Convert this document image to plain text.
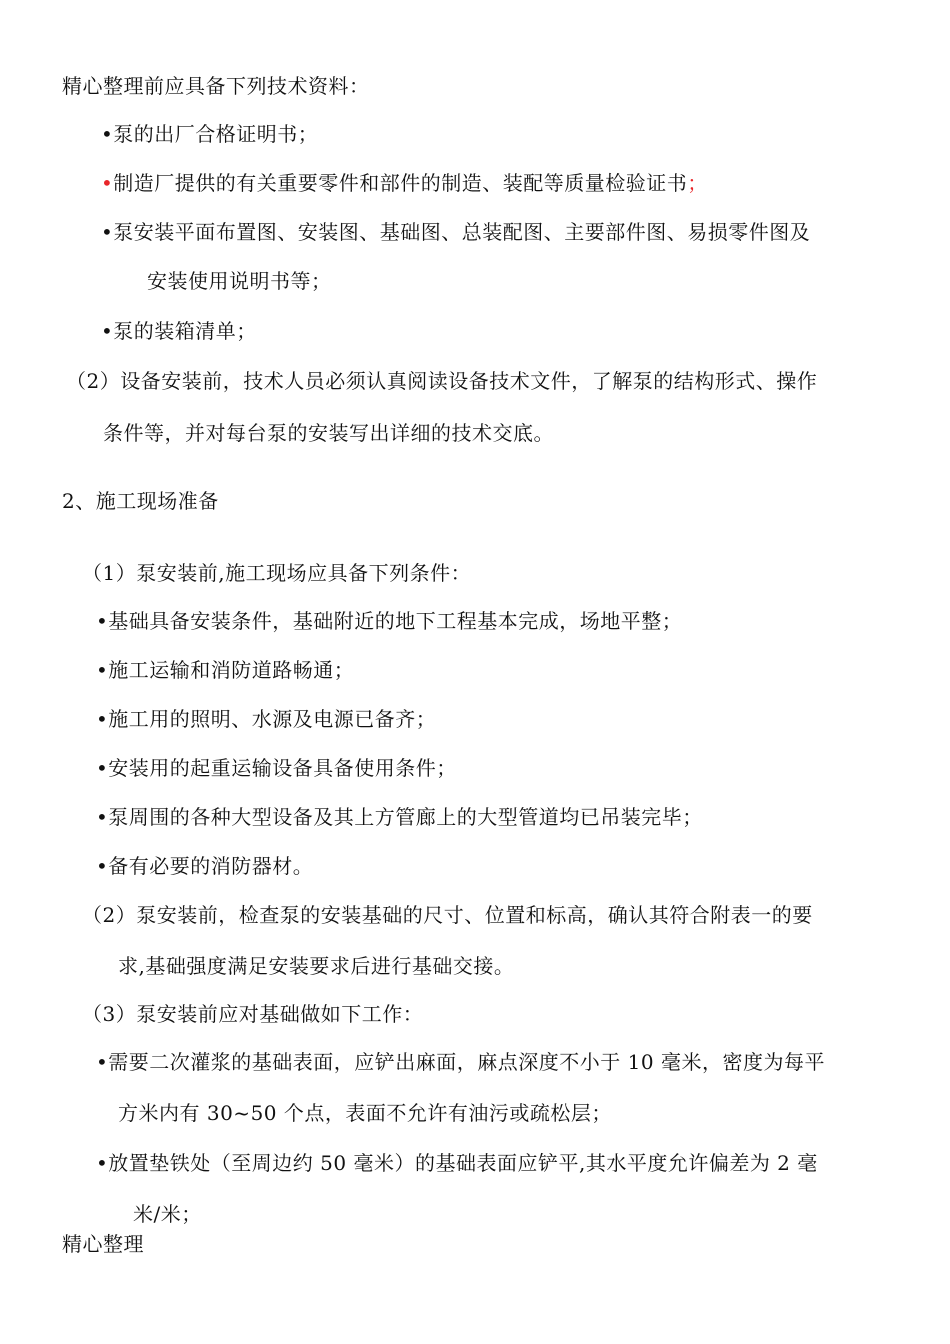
精心整理前应具备下列技术资料：
•泵的出厂合格证明书；
•制造厂提供的有关重要零件和部件的制造、装配等质量检验证书；
•泵安装平面布置图、安装图、基础图、总装配图、主要部件图、易损零件图及
安装使用说明书等；
•泵的装箱清单；
（2）设备安装前，技术人员必须认真阅读设备技术文件，了解泵的结构形式、操作
条件等，并对每台泵的安装写出详细的技术交底。
2、施工现场准备
（1）泵安装前,施工现场应具备下列条件：
•基础具备安装条件，基础附近的地下工程基本完成，场地平整；
•施工运输和消防道路畅通；
•施工用的照明、水源及电源已备齐；
•安装用的起重运输设备具备使用条件；
•泵周围的各种大型设备及其上方管廊上的大型管道均已吊装完毕；
•备有必要的消防器材。
（2）泵安装前，检查泵的安装基础的尺寸、位置和标高，确认其符合附表一的要
求,基础强度满足安装要求后进行基础交接。
（3）泵安装前应对基础做如下工作：
•需要二次灌浆的基础表面，应铲出麻面，麻点深度不小于 10 毫米，密度为每平
方米内有 30~50 个点，表面不允许有油污或疏松层；
•放置垫铁处（至周边约 50 毫米）的基础表面应铲平,其水平度允许偏差为 2 毫
米/米；
精心整理
